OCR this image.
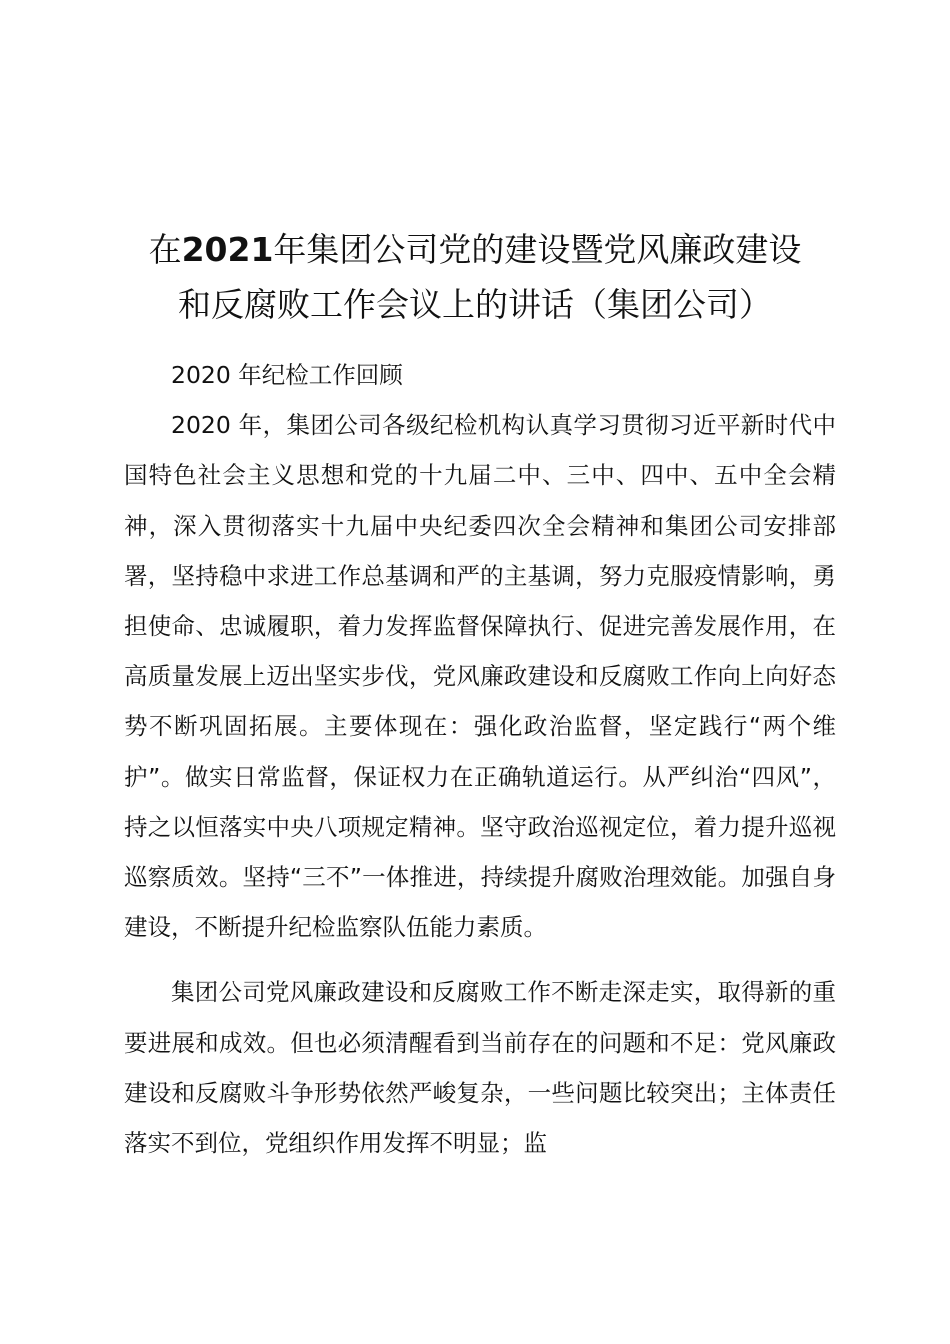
在2021年集团公司党的建设暨党风廉政建设
和反腐败工作会议上的讲话（集团公司）

2020 年纪检工作回顾

2020 年，集团公司各级纪检机构认真学习贯彻习近平新时代中国特色社会主义思想和党的十九届二中、三中、四中、五中全会精神，深入贯彻落实十九届中央纪委四次全会精神和集团公司安排部署，坚持稳中求进工作总基调和严的主基调，努力克服疫情影响，勇担使命、忠诚履职，着力发挥监督保障执行、促进完善发展作用，在高质量发展上迈出坚实步伐，党风廉政建设和反腐败工作向上向好态势不断巩固拓展。主要体现在：强化政治监督，坚定践行“两个维护”。做实日常监督，保证权力在正确轨道运行。从严纠治“四风”，持之以恒落实中央八项规定精神。坚守政治巡视定位，着力提升巡视巡察质效。坚持“三不”一体推进，持续提升腐败治理效能。加强自身建设，不断提升纪检监察队伍能力素质。

集团公司党风廉政建设和反腐败工作不断走深走实，取得新的重要进展和成效。但也必须清醒看到当前存在的问题和不足：党风廉政建设和反腐败斗争形势依然严峻复杂，一些问题比较突出；主体责任落实不到位，党组织作用发挥不明显；监
